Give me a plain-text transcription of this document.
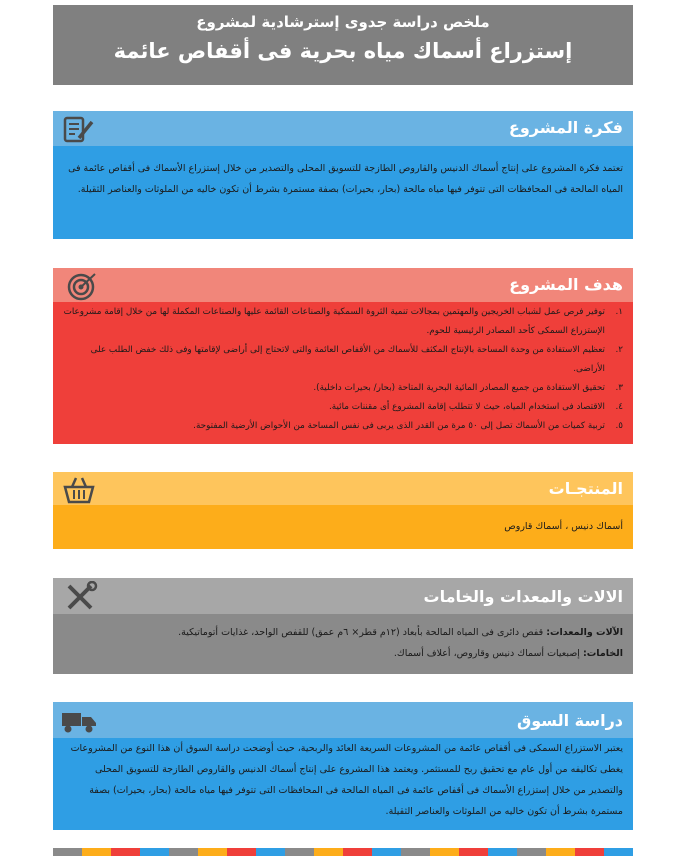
ملخص دراسة جدوى إسترشادية لمشروع
إستزراع أسماك مياه بحرية فى أقفاص عائمة
فكرة المشروع

تعتمد فكرة المشروع على إنتاج أسماك الدنيس والقاروص الطازجة للتسويق المحلى والتصدير من خلال إستزراع الأسماك فى أقفاص عائمة فى المياه المالحة فى المحافظات التى تتوفر فيها مياه مالحة (بحار، بحيرات) بصفة مستمرة بشرط أن تكون خاليه من الملوثات والعناصر الثقيلة.

هدف المشروع
١.
توفير فرص عمل لشباب الخريجين والمهتمين بمجالات تنمية الثروة السمكية والصناعات القائمة عليها والصناعات المكملة لها من خلال إقامة مشروعات الإستزراع السمكى كأحد المصادر الرئيسية للحوم.
٢.
تعظيم الاستفادة من وحدة المساحة بالإنتاج المكثف للأسماك من الأقفاص العائمة والتى لاتحتاج إلى أراضى لإقامتها وفى ذلك خفض الطلب على الأراضى.
٣.
تحقيق الاستفادة من جميع المصادر المائية البحرية المتاحة (بحار/ بحيرات داخلية).
٤.
الاقتصاد فى استخدام المياه، حيث لا تتطلب إقامة المشروع أى مقننات مائية.
٥.
تربية كميات من الأسماك تصل إلى ٥٠ مرة من القدر الذى يربى فى نفس المساحة من الأحواض الأرضية المفتوحة.
المنتجـات

أسماك دنيس ، أسماك قاروص

الالات والمعدات والخامات

الآلات والمعدات: قفص دائرى فى المياه المالحة بأبعاد (١٢م قطر× ٦م عمق) للقفص الواحد، غذايات أتوماتيكية.

الخامات: إصبعيات أسماك دنيس وقاروص، أعلاف أسماك.

دراسة السوق

يعتبر الاستزراع السمكى فى أقفاص عائمة من المشروعات السريعة العائد والربحية، حيث أوضحت دراسة السوق أن هذا النوع من المشروعات يغطى تكاليفه من أول عام مع تحقيق ربح للمستثمر. ويعتمد هذا المشروع على إنتاج أسماك الدنيس والقاروص الطازجة للتسويق المحلى والتصدير من خلال إستزراع الأسماك فى أقفاص عائمة فى المياه المالحة فى المحافظات التى تتوفر فيها مياه مالحة (بحار، بحيرات) بصفة مستمرة بشرط أن تكون خاليه من الملوثات والعناصر الثقيلة.
